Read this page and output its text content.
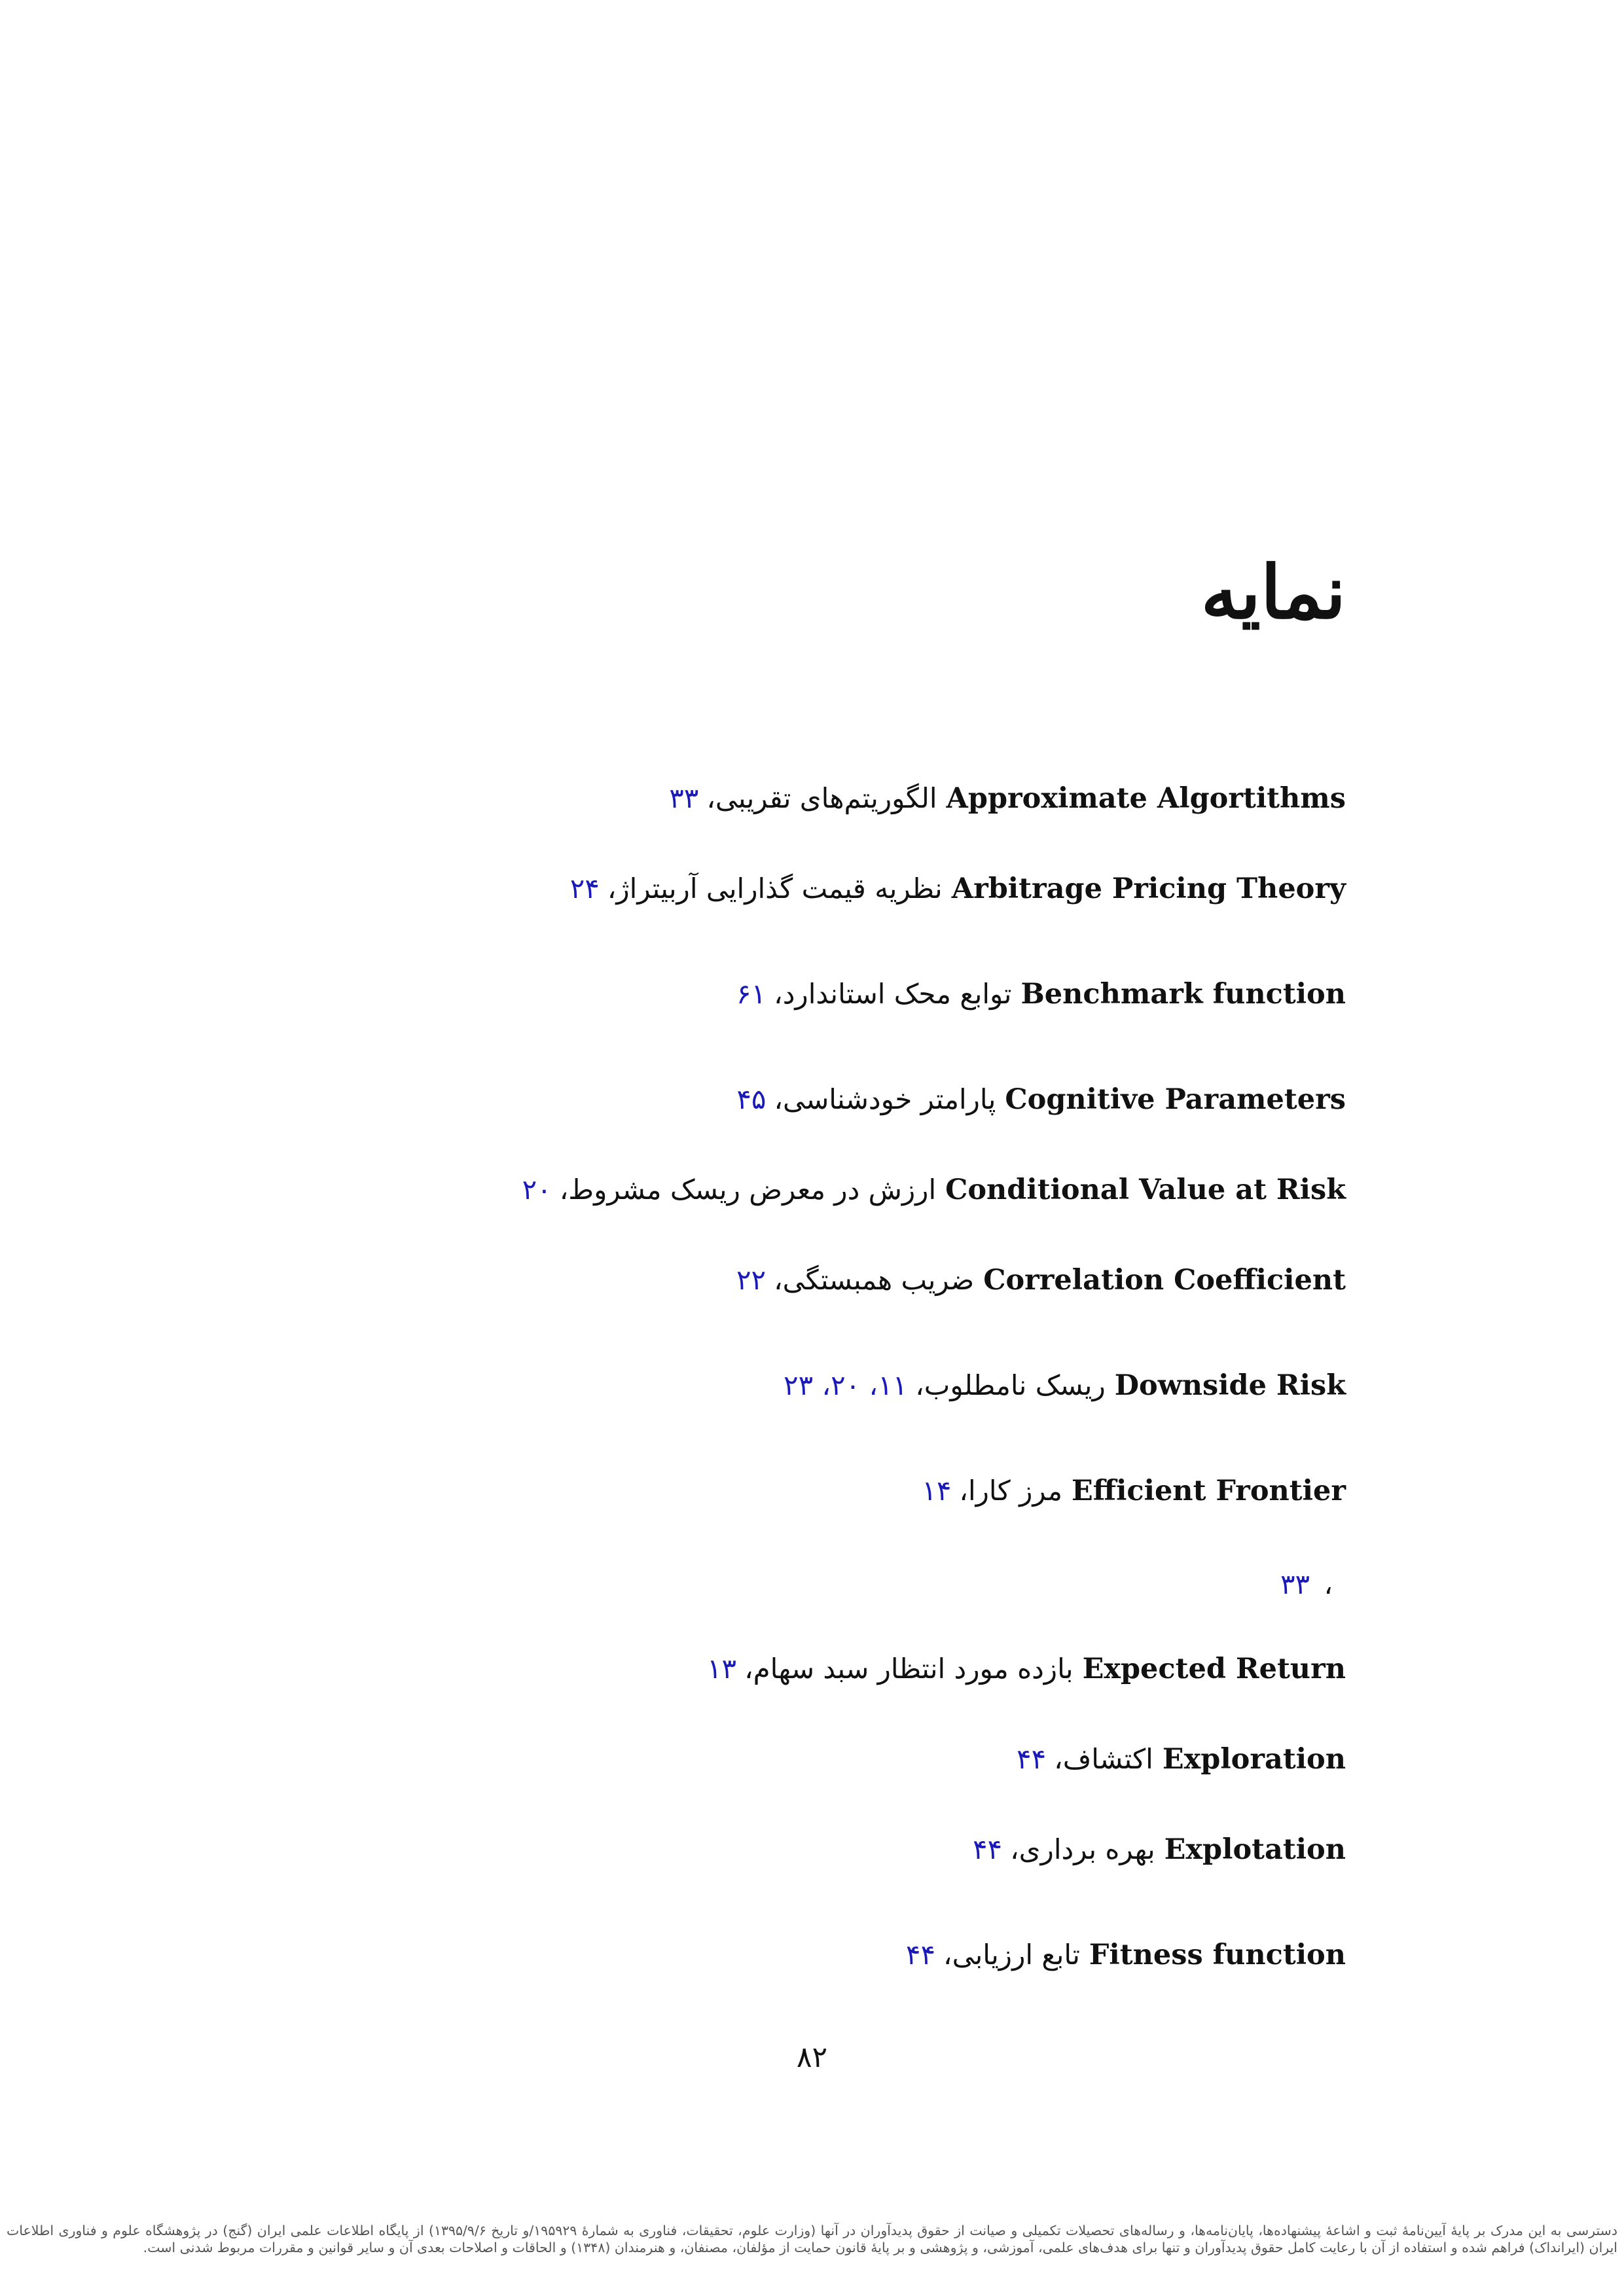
نمایه
Approximate Algortithmsالگوریتم‌های تقریبی،۳۳
Arbitrage Pricing Theoryنظریه قیمت گذارایی آربیتراژ،۲۴
Benchmark functionتوابع محک استاندارد،۶۱
Cognitive Parametersپارامتر خودشناسی،۴۵
Conditional Value at Riskارزش در معرض ریسک مشروط،۲۰
Correlation Coefficientضریب همبستگی،۲۲
Downside Riskریسک نامطلوب،۱۱، ۲۰، ۲۳
Efficient Frontierمرز کارا،۱۴
، ۳۳
Expected Returnبازده مورد انتظار سبد سهام،۱۳
Explorationاکتشاف،۴۴
Explotationبهره برداری،۴۴
Fitness functionتابع ارزیابی،۴۴
۸۲
دسترسی به این مدرک بر پایهٔ آیین‌نامهٔ ثبت و اشاعهٔ پیشنهاده‌ها، پایان‌نامه‌ها، و رساله‌های تحصیلات تکمیلی و صیانت از حقوق پدیدآوران در آنها (وزارت علوم، تحقیقات، فناوری به شمارهٔ ۱۹۵۹۲۹/و تاریخ ۱۳۹۵/۹/۶) از پایگاه اطلاعات علمی ایران (گنج) در پژوهشگاه علوم و فناوری اطلاعات ایران (ایرانداک) فراهم شده و استفاده از آن با رعایت کامل حقوق پدیدآوران و تنها برای هدف‌های علمی، آموزشی، و پژوهشی و بر پایهٔ قانون حمایت از مؤلفان، مصنفان، و هنرمندان (۱۳۴۸) و الحاقات و اصلاحات بعدی آن و سایر قوانین و مقررات مربوط شدنی است.
